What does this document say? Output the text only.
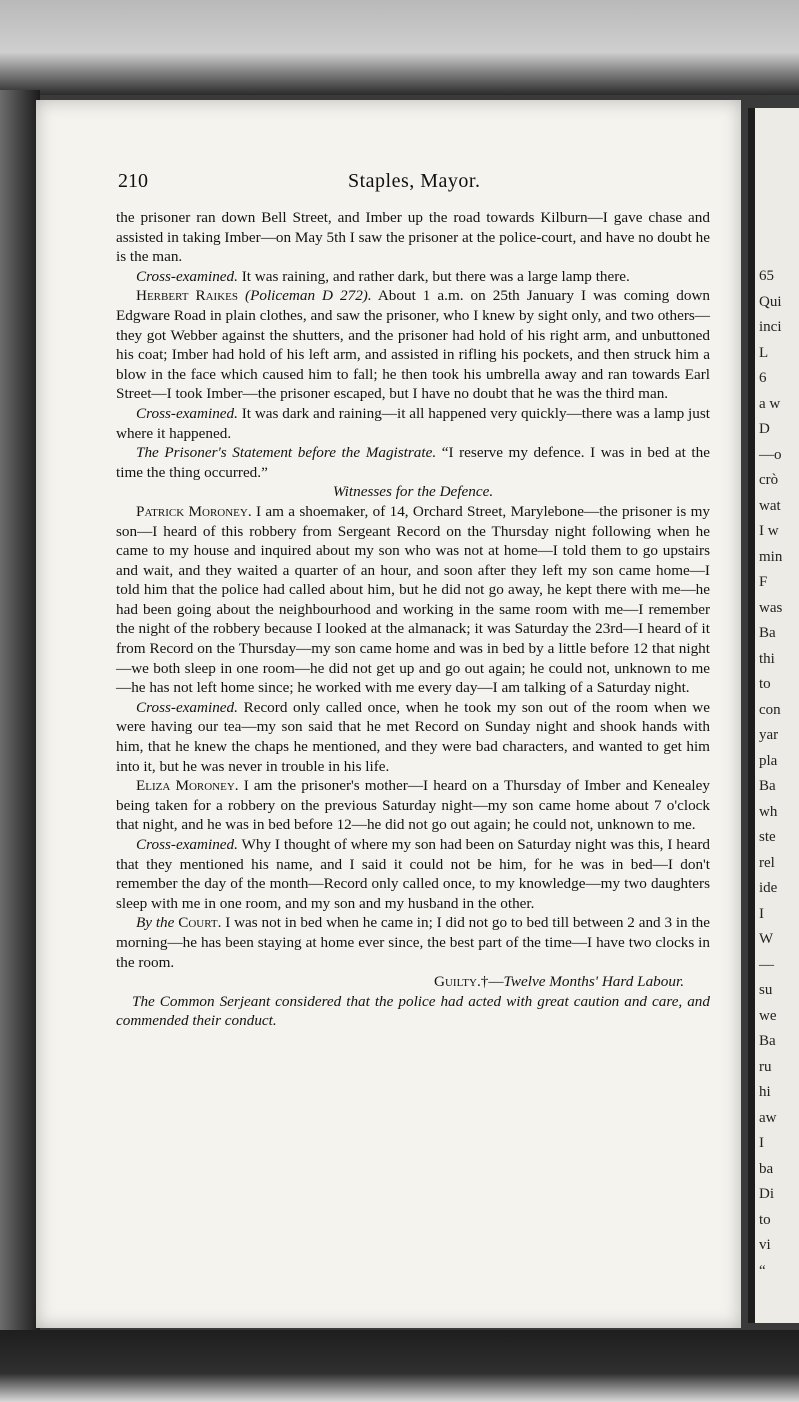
65
Qui
inci
L
6
a w
D
—o
crò
wat
I w
min
F
was
Ba
thi
to
con
yar
pla
Ba
wh
ste
rel
ide
I
W
—
su
we
Ba
ru
hi
aw
I
ba
Di
to
vi
“
210	Staples, Mayor.

the prisoner ran down Bell Street, and Imber up the road towards Kilburn—I gave chase and assisted in taking Imber—on May 5th I saw the prisoner at the police-court, and have no doubt he is the man.

Cross-examined. It was raining, and rather dark, but there was a large lamp there.

Herbert Raikes (Policeman D 272). About 1 a.m. on 25th January I was coming down Edgware Road in plain clothes, and saw the prisoner, who I knew by sight only, and two others—they got Webber against the shutters, and the prisoner had hold of his right arm, and unbuttoned his coat; Imber had hold of his left arm, and assisted in rifling his pockets, and then struck him a blow in the face which caused him to fall; he then took his umbrella away and ran towards Earl Street—I took Imber—the prisoner escaped, but I have no doubt that he was the third man.

Cross-examined. It was dark and raining—it all happened very quickly—there was a lamp just where it happened.

The Prisoner's Statement before the Magistrate. “I reserve my defence. I was in bed at the time the thing occurred.”

Witnesses for the Defence.

Patrick Moroney. I am a shoemaker, of 14, Orchard Street, Marylebone—the prisoner is my son—I heard of this robbery from Sergeant Record on the Thursday night following when he came to my house and inquired about my son who was not at home—I told them to go upstairs and wait, and they waited a quarter of an hour, and soon after they left my son came home—I told him that the police had called about him, but he did not go away, he kept there with me—he had been going about the neighbourhood and working in the same room with me—I remember the night of the robbery because I looked at the almanack; it was Saturday the 23rd—I heard of it from Record on the Thursday—my son came home and was in bed by a little before 12 that night—we both sleep in one room—he did not get up and go out again; he could not, unknown to me—he has not left home since; he worked with me every day—I am talking of a Saturday night.

Cross-examined. Record only called once, when he took my son out of the room when we were having our tea—my son said that he met Record on Sunday night and shook hands with him, that he knew the chaps he mentioned, and they were bad characters, and wanted to get him into it, but he was never in trouble in his life.

Eliza Moroney. I am the prisoner's mother—I heard on a Thursday of Imber and Kenealey being taken for a robbery on the previous Saturday night—my son came home about 7 o'clock that night, and he was in bed before 12—he did not go out again; he could not, unknown to me.

Cross-examined. Why I thought of where my son had been on Saturday night was this, I heard that they mentioned his name, and I said it could not be him, for he was in bed—I don't remember the day of the month—Record only called once, to my knowledge—my two daughters sleep with me in one room, and my son and my husband in the other.

By the Court. I was not in bed when he came in; I did not go to bed till between 2 and 3 in the morning—he has been staying at home ever since, the best part of the time—I have two clocks in the room.

Guilty.†—Twelve Months' Hard Labour.

The Common Serjeant considered that the police had acted with great caution and care, and commended their conduct.
